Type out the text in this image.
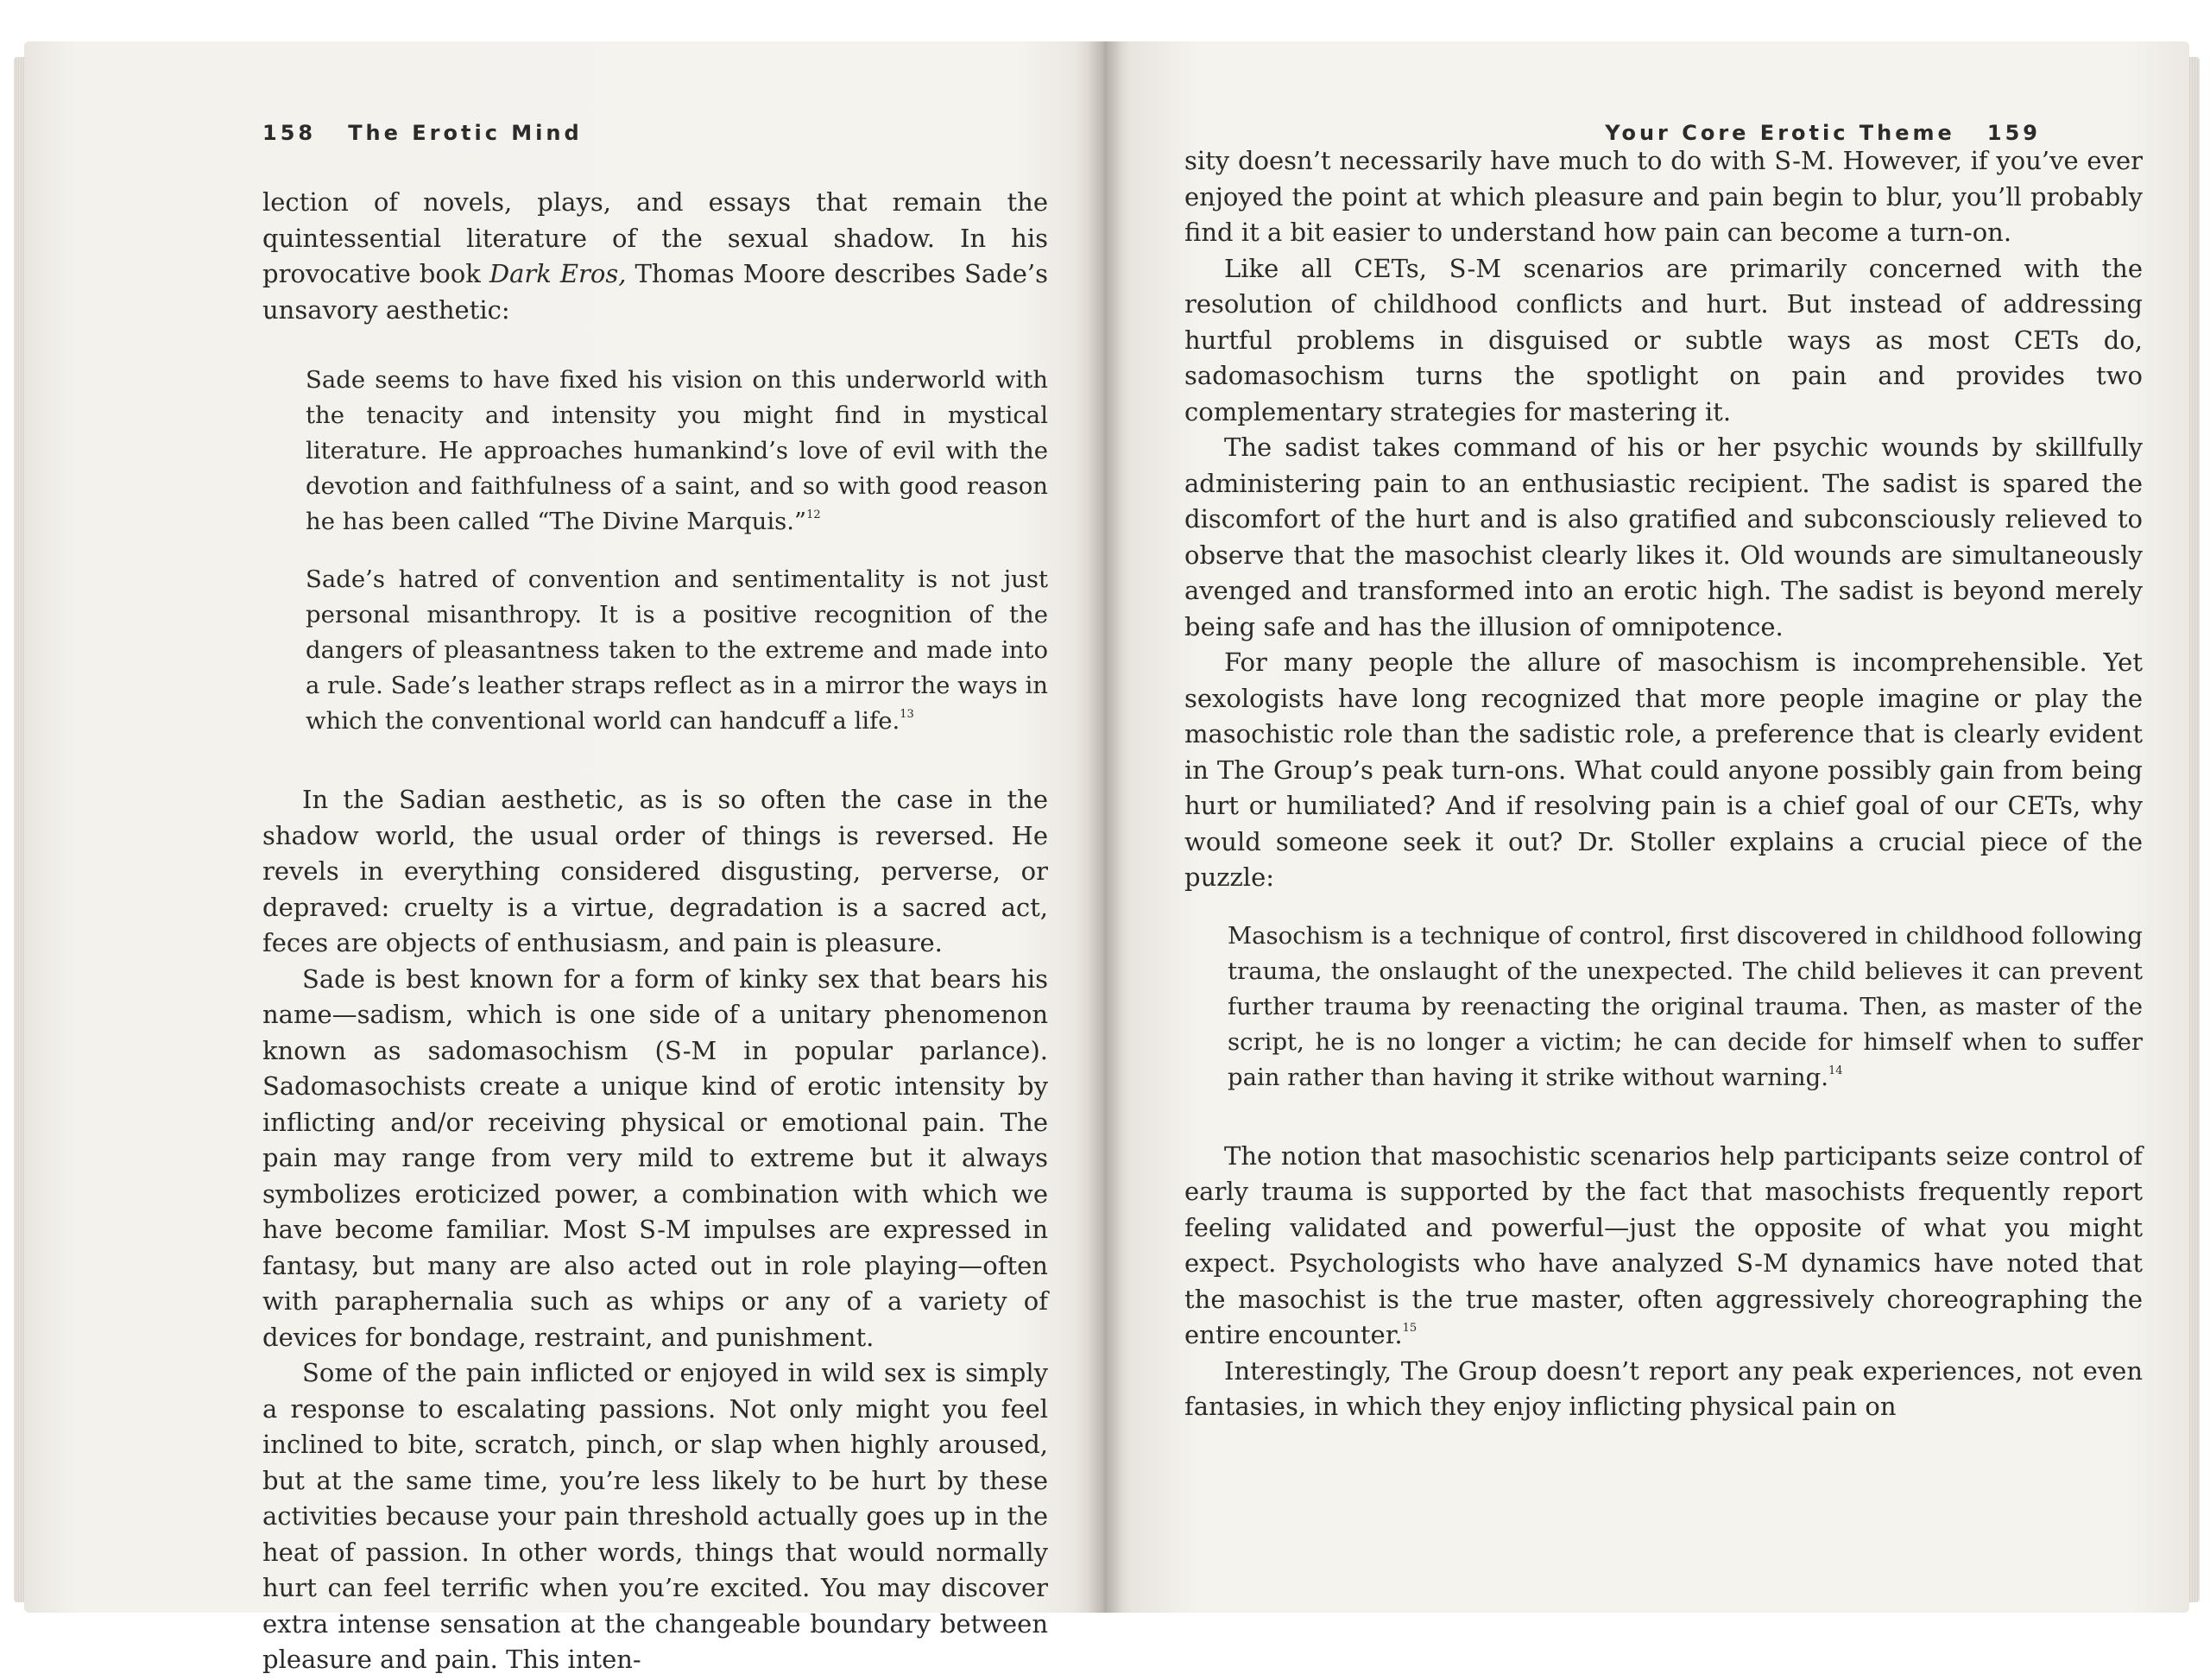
158 The Erotic Mind

lection of novels, plays, and essays that remain the quintessential literature of the sexual shadow. In his provocative book Dark Eros, Thomas Moore describes Sade’s unsavory aesthetic:

Sade seems to have fixed his vision on this underworld with the tenacity and intensity you might find in mystical literature. He approaches humankind’s love of evil with the devotion and faithfulness of a saint, and so with good reason he has been called “The Divine Marquis.”$^{12}$

Sade’s hatred of convention and sentimentality is not just personal misanthropy. It is a positive recognition of the dangers of pleasantness taken to the extreme and made into a rule. Sade’s leather straps reflect as in a mirror the ways in which the conventional world can handcuff a life.$^{13}$

In the Sadian aesthetic, as is so often the case in the shadow world, the usual order of things is reversed. He revels in everything considered disgusting, perverse, or depraved: cruelty is a virtue, degradation is a sacred act, feces are objects of enthusiasm, and pain is pleasure.

Sade is best known for a form of kinky sex that bears his name—sadism, which is one side of a unitary phenomenon known as sadomasochism (S-M in popular parlance). Sadomasochists create a unique kind of erotic intensity by inflicting and/or receiving physical or emotional pain. The pain may range from very mild to extreme but it always symbolizes eroticized power, a combination with which we have become familiar. Most S-M impulses are expressed in fantasy, but many are also acted out in role playing—often with paraphernalia such as whips or any of a variety of devices for bondage, restraint, and punishment.

Some of the pain inflicted or enjoyed in wild sex is simply a response to escalating passions. Not only might you feel inclined to bite, scratch, pinch, or slap when highly aroused, but at the same time, you’re less likely to be hurt by these activities because your pain threshold actually goes up in the heat of passion. In other words, things that would normally hurt can feel terrific when you’re excited. You may discover extra intense sensation at the changeable boundary between pleasure and pain. This inten-

Your Core Erotic Theme 159

sity doesn’t necessarily have much to do with S-M. However, if you’ve ever enjoyed the point at which pleasure and pain begin to blur, you’ll probably find it a bit easier to understand how pain can become a turn-on.

Like all CETs, S-M scenarios are primarily concerned with the resolution of childhood conflicts and hurt. But instead of addressing hurtful problems in disguised or subtle ways as most CETs do, sadomasochism turns the spotlight on pain and provides two complementary strategies for mastering it.

The sadist takes command of his or her psychic wounds by skillfully administering pain to an enthusiastic recipient. The sadist is spared the discomfort of the hurt and is also gratified and subconsciously relieved to observe that the masochist clearly likes it. Old wounds are simultaneously avenged and transformed into an erotic high. The sadist is beyond merely being safe and has the illusion of omnipotence.

For many people the allure of masochism is incomprehensible. Yet sexologists have long recognized that more people imagine or play the masochistic role than the sadistic role, a preference that is clearly evident in The Group’s peak turn-ons. What could anyone possibly gain from being hurt or humiliated? And if resolving pain is a chief goal of our CETs, why would someone seek it out? Dr. Stoller explains a crucial piece of the puzzle:

Masochism is a technique of control, first discovered in childhood following trauma, the onslaught of the unexpected. The child believes it can prevent further trauma by reenacting the original trauma. Then, as master of the script, he is no longer a victim; he can decide for himself when to suffer pain rather than having it strike without warning.$^{14}$

The notion that masochistic scenarios help participants seize control of early trauma is supported by the fact that masochists frequently report feeling validated and powerful—just the opposite of what you might expect. Psychologists who have analyzed S-M dynamics have noted that the masochist is the true master, often aggressively choreographing the entire encounter.$^{15}$

Interestingly, The Group doesn’t report any peak experiences, not even fantasies, in which they enjoy inflicting physical pain on
